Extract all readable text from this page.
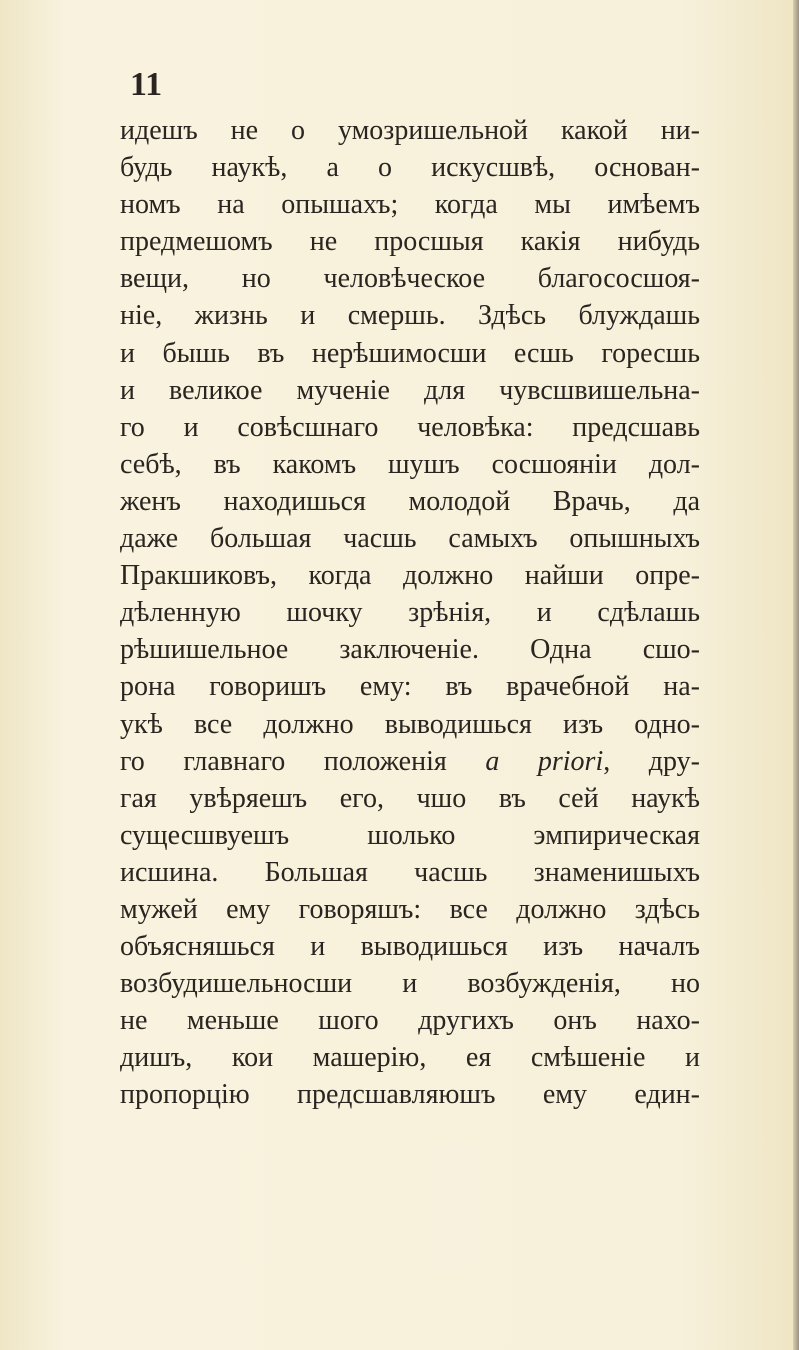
11
идешъ не о умозришельной какой ни-
будь наукѣ, а о искусшвѣ, основан-
номъ на опышахъ; когда мы имѣемъ
предмешомъ не просшыя какія нибудь
вещи, но человѣческое благососшоя-
ніе, жизнь и смершь. Здѣсь блуждашь
и бышь въ нерѣшимосши есшь горесшь
и великое мученіе для чувсшвишельна-
го и совѣсшнаго человѣка: предсшавь
себѣ, въ какомъ шушъ сосшояніи дол-
женъ находишься молодой Врачь, да
даже большая часшь самыхъ опышныхъ
Пракшиковъ, когда должно найши опре-
дѣленную шочку зрѣнія, и сдѣлашь
рѣшишельное заключеніе. Одна сшо-
рона говоришъ ему: въ врачебной на-
укѣ все должно выводишься изъ одно-
го главнаго положенія a priori, дру-
гая увѣряешъ его, чшо въ сей наукѣ
сущесшвуешъ шолько эмпирическая
исшина. Большая часшь знаменишыхъ
мужей ему говоряшъ: все должно здѣсь
объясняшься и выводишься изъ началъ
возбудишельносши и возбужденія, но
не меньше шого другихъ онъ нахо-
дишъ, кои машерію, ея смѣшеніе и
пропорцію предсшавляюшъ ему един-
